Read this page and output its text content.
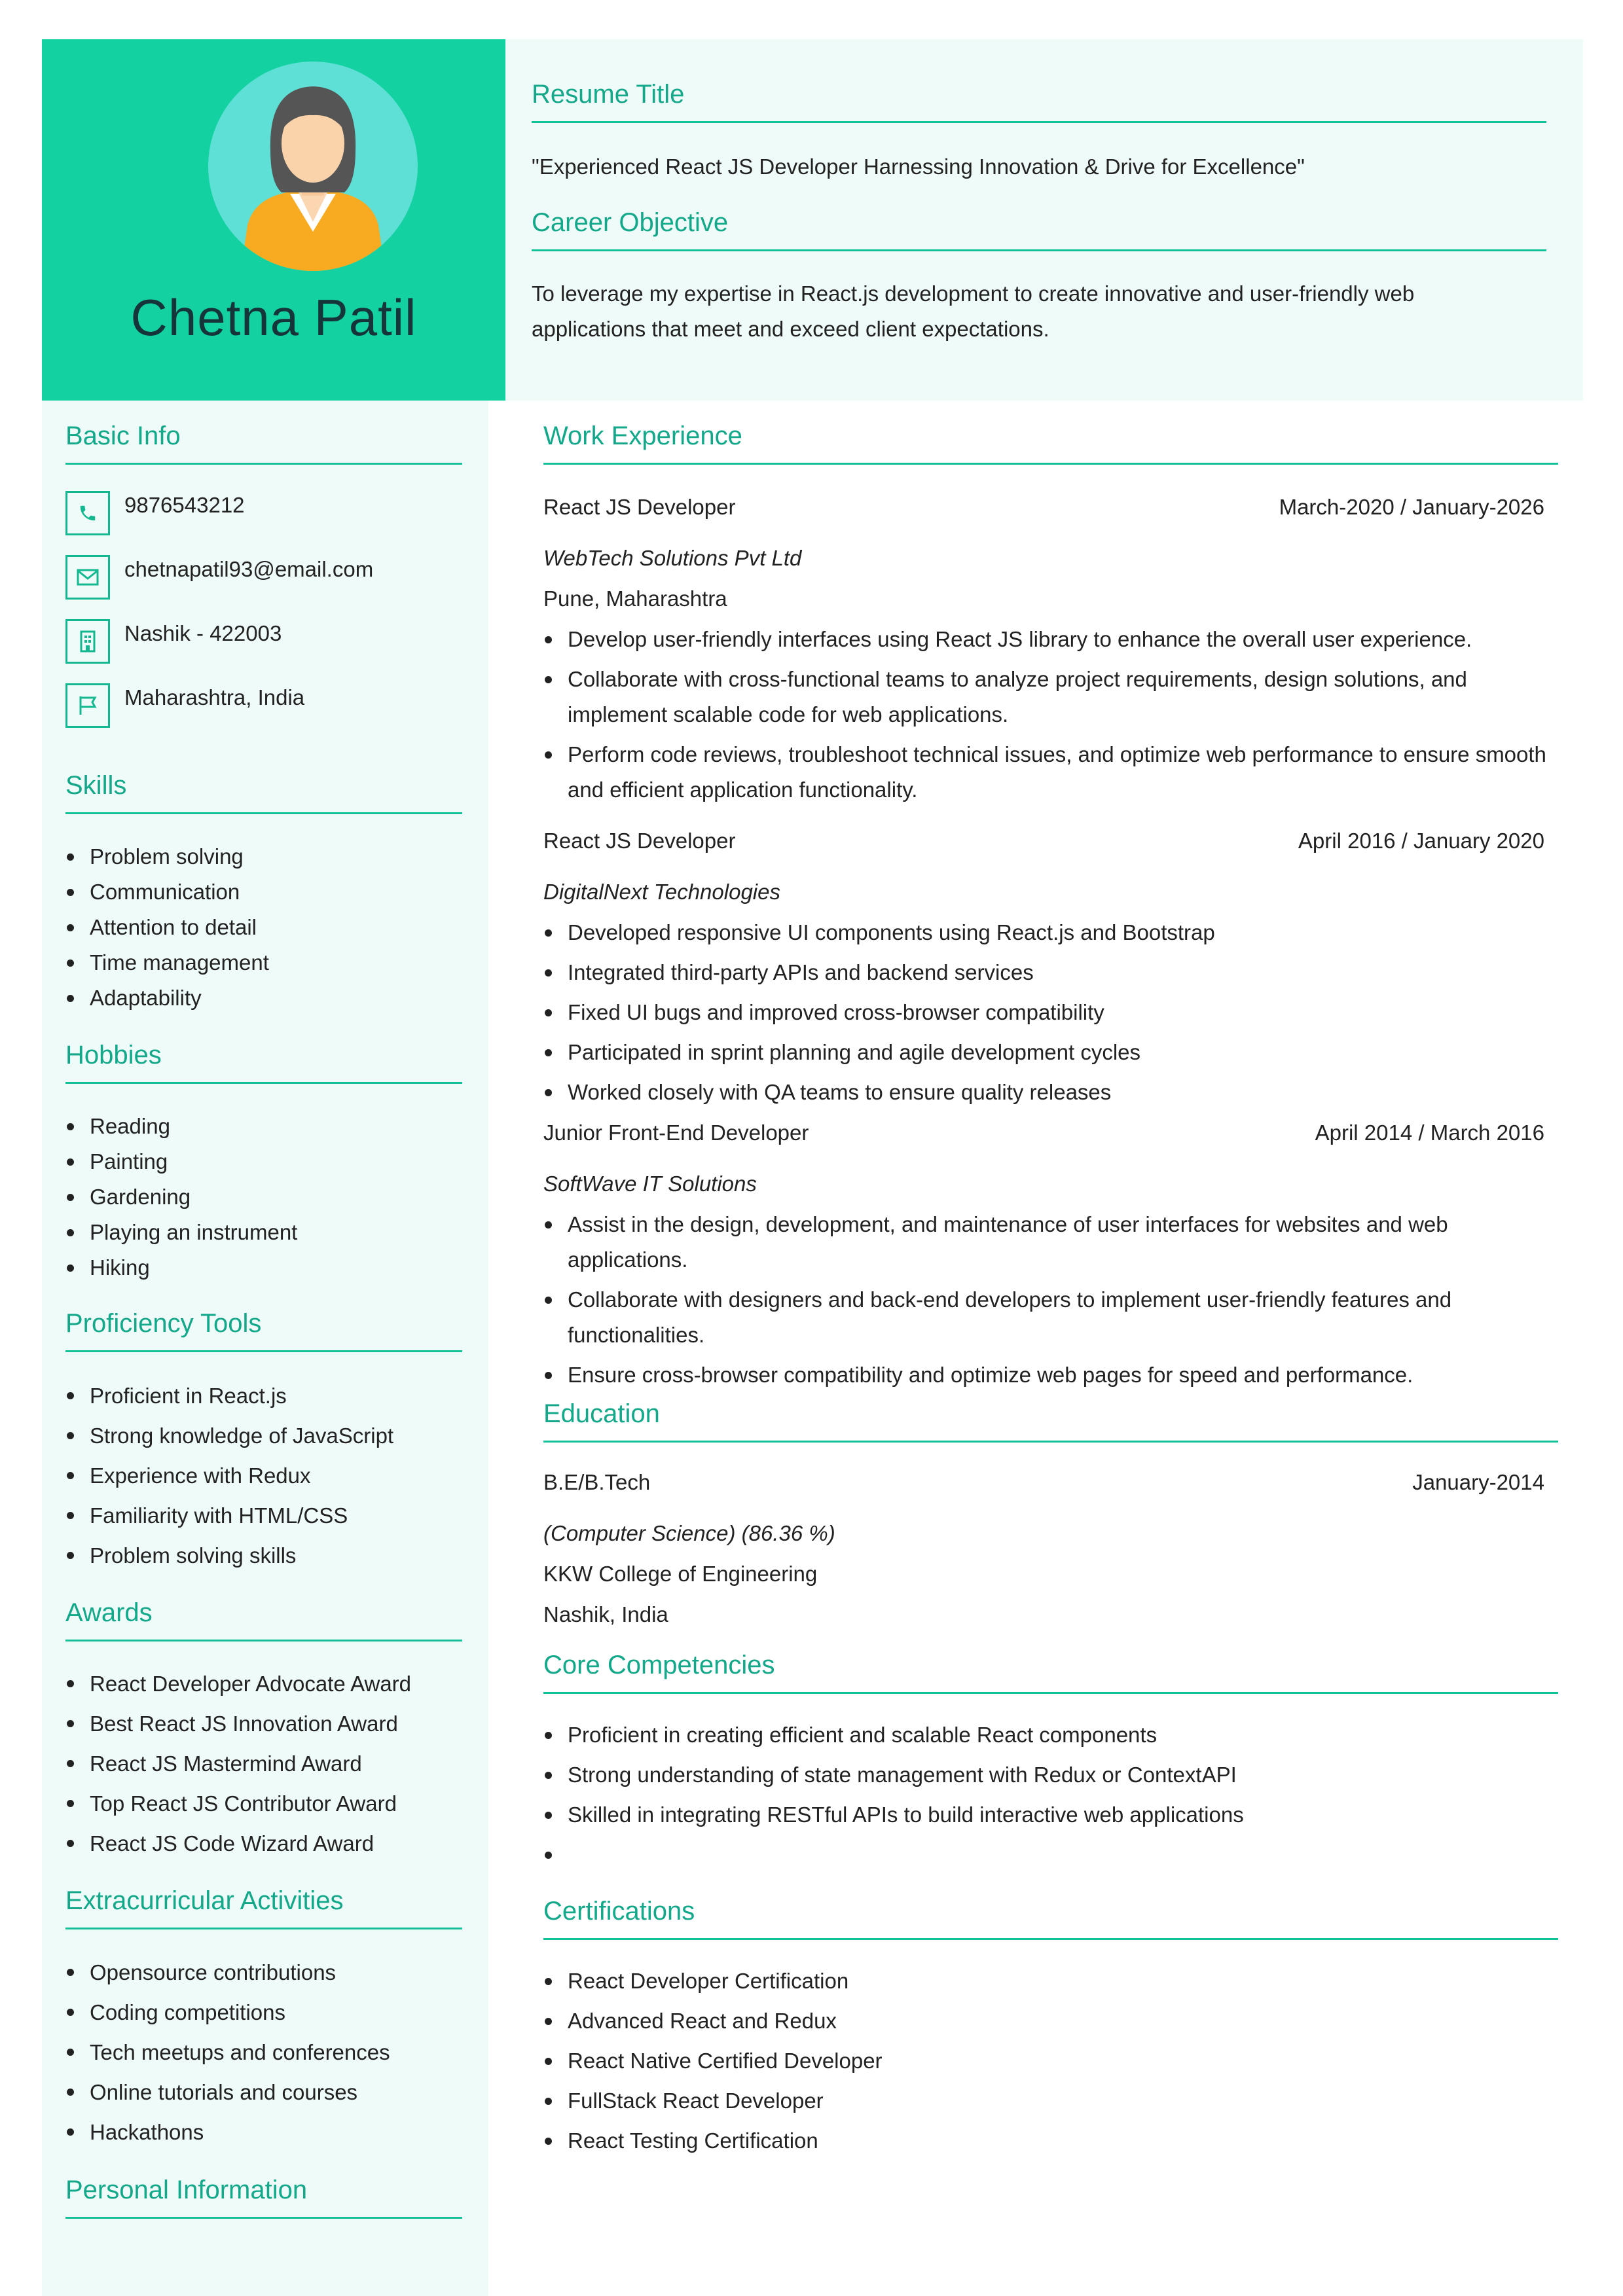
Chetna Patil
Resume Title
"Experienced React JS Developer Harnessing Innovation & Drive for Excellence"
Career Objective
To leverage my expertise in React.js development to create innovative and user-friendly web applications that meet and exceed client expectations.
Basic Info
Skills
Hobbies
Proficiency Tools
Awards
Extracurricular Activities
Personal Information
9876543212
chetnapatil93@email.com
Nashik - 422003
Maharashtra, India
Problem solving
Communication
Attention to detail
Time management
Adaptability
Reading
Painting
Gardening
Playing an instrument
Hiking
Proficient in React.js
Strong knowledge of JavaScript
Experience with Redux
Familiarity with HTML/CSS
Problem solving skills
React Developer Advocate Award
Best React JS Innovation Award
React JS Mastermind Award
Top React JS Contributor Award
React JS Code Wizard Award
Opensource contributions
Coding competitions
Tech meetups and conferences
Online tutorials and courses
Hackathons
Work Experience
React JS Developer	March-2020 / January-2026
WebTech Solutions Pvt Ltd
Pune, Maharashtra
Develop user-friendly interfaces using React JS library to enhance the overall user experience.
Collaborate with cross-functional teams to analyze project requirements, design solutions, and implement scalable code for web applications.
Perform code reviews, troubleshoot technical issues, and optimize web performance to ensure smooth and efficient application functionality.
React JS Developer	April 2016 / January 2020
DigitalNext Technologies
Developed responsive UI components using React.js and Bootstrap
Integrated third-party APIs and backend services
Fixed UI bugs and improved cross-browser compatibility
Participated in sprint planning and agile development cycles
Worked closely with QA teams to ensure quality releases
Junior Front-End Developer	April 2014 / March 2016
SoftWave IT Solutions
Assist in the design, development, and maintenance of user interfaces for websites and web applications.
Collaborate with designers and back-end developers to implement user-friendly features and functionalities.
Ensure cross-browser compatibility and optimize web pages for speed and performance.
Education
B.E/B.Tech	January-2014
(Computer Science) (86.36 %)
KKW College of Engineering
Nashik, India
Core Competencies
Proficient in creating efficient and scalable React components
Strong understanding of state management with Redux or ContextAPI
Skilled in integrating RESTful APIs to build interactive web applications
Certifications
React Developer Certification
Advanced React and Redux
React Native Certified Developer
FullStack React Developer
React Testing Certification
